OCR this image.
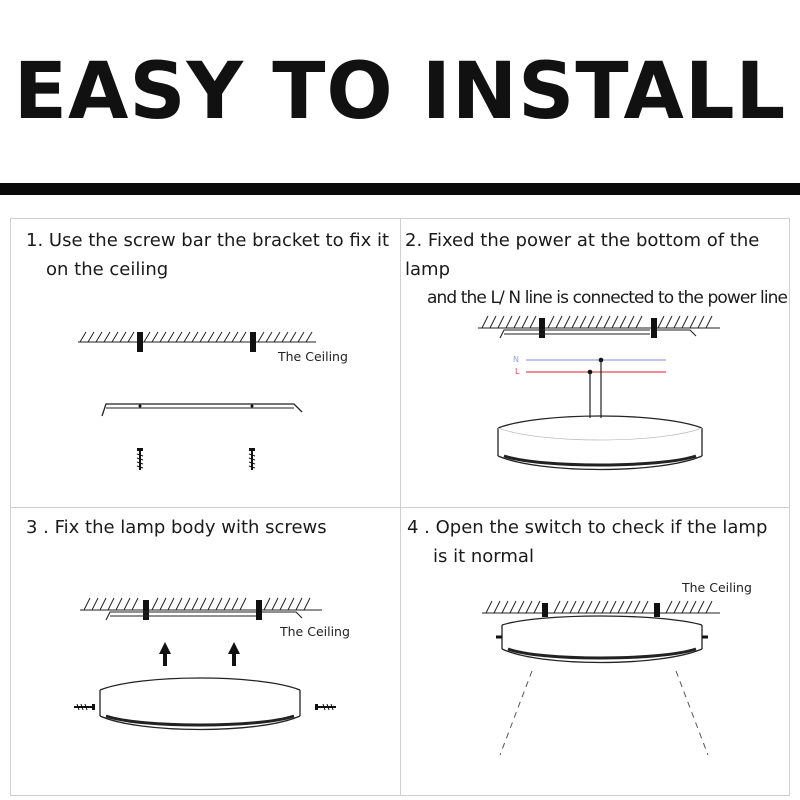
EASY TO INSTALL
1. Use the screw bar the bracket to fix it
on the ceiling
2. Fixed the power at the bottom of the lamp
and the L/ N line is connected to the power line
3 . Fix the lamp body with screws	4 . Open the switch to check if the lamp
is it normal
The Ceiling	N
L
The Ceiling
The Ceiling
